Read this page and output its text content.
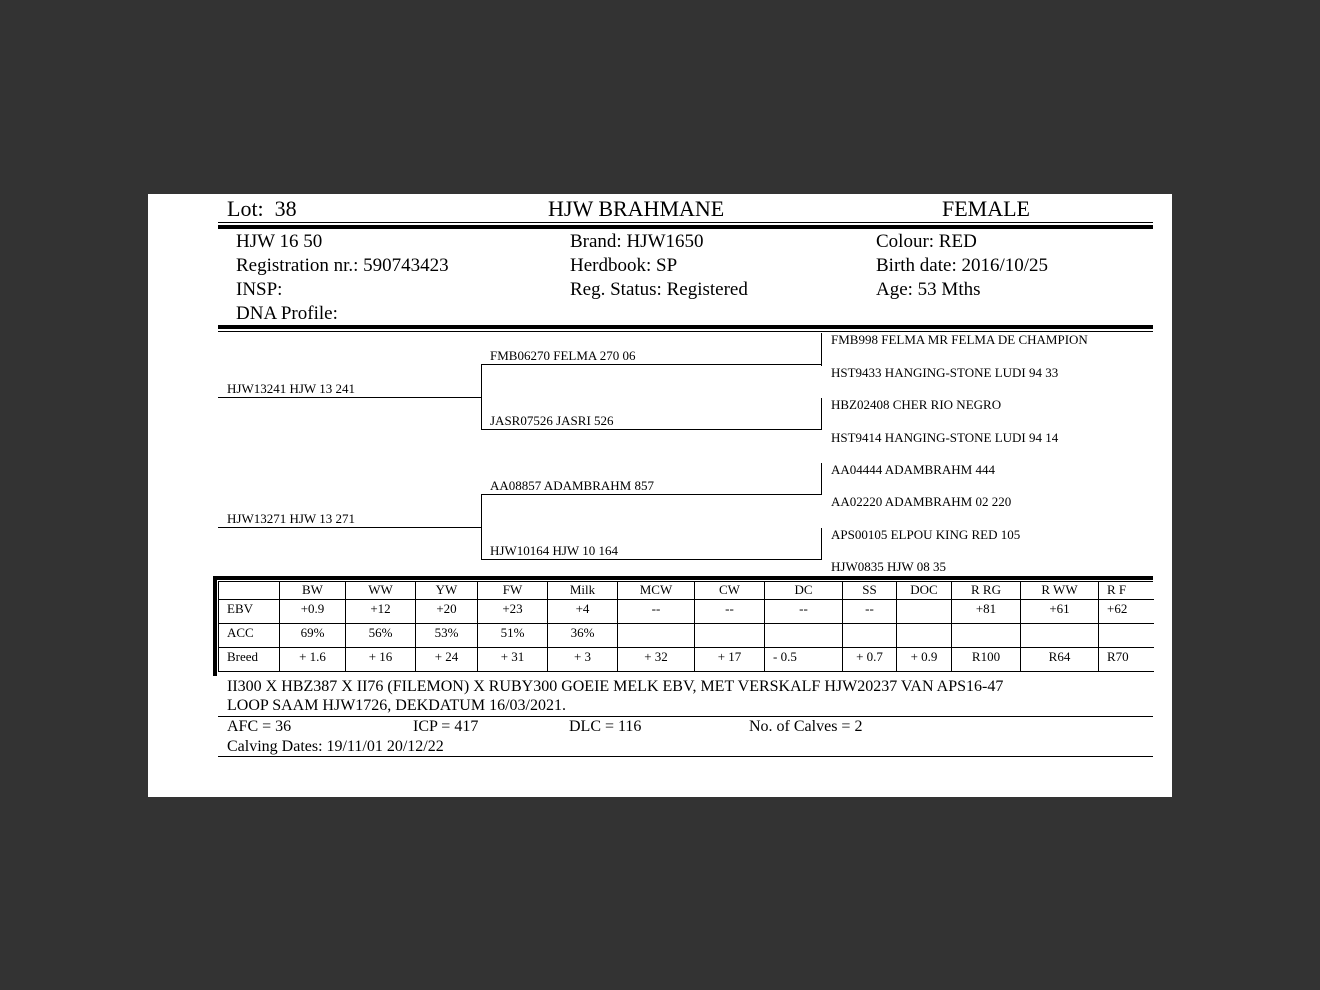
Lot: 38	HJW BRAHMANE	FEMALE
HJW 16 50
Registration nr.: 590743423
INSP:
DNA Profile:
Brand: HJW1650
Herdbook: SP
Reg. Status: Registered
Colour: RED
Birth date: 2016/10/25
Age: 53 Mths
HJW13241 HJW 13 241
HJW13271 HJW 13 271
FMB06270 FELMA 270 06
JASR07526 JASRI 526
AA08857 ADAMBRAHM 857
HJW10164 HJW 10 164
FMB998 FELMA MR FELMA DE CHAMPION
HST9433 HANGING-STONE LUDI 94 33
HBZ02408 CHER RIO NEGRO
HST9414 HANGING-STONE LUDI 94 14
AA04444 ADAMBRAHM 444
AA02220 ADAMBRAHM 02 220
APS00105 ELPOU KING RED 105
HJW0835 HJW 08 35
	BW	WW	YW	FW	Milk	MCW	CW	DC	SS	DOC	R RG	R WW	R F
EBV	+0.9	+12	+20	+23	+4	--	--	--	--		+81	+61	+62
ACC	69%	56%	53%	51%	36%								
Breed	+ 1.6	+ 16	+ 24	+ 31	+ 3	+ 32	+ 17	- 0.5	+ 0.7	+ 0.9	R100	R64	R70
II300 X HBZ387 X II76 (FILEMON) X RUBY300 GOEIE MELK EBV, MET VERSKALF HJW20237 VAN APS16-47
LOOP SAAM HJW1726, DEKDATUM 16/03/2021.
AFC = 36	ICP = 417	DLC = 116	No. of Calves = 2
Calving Dates: 19/11/01 20/12/22
